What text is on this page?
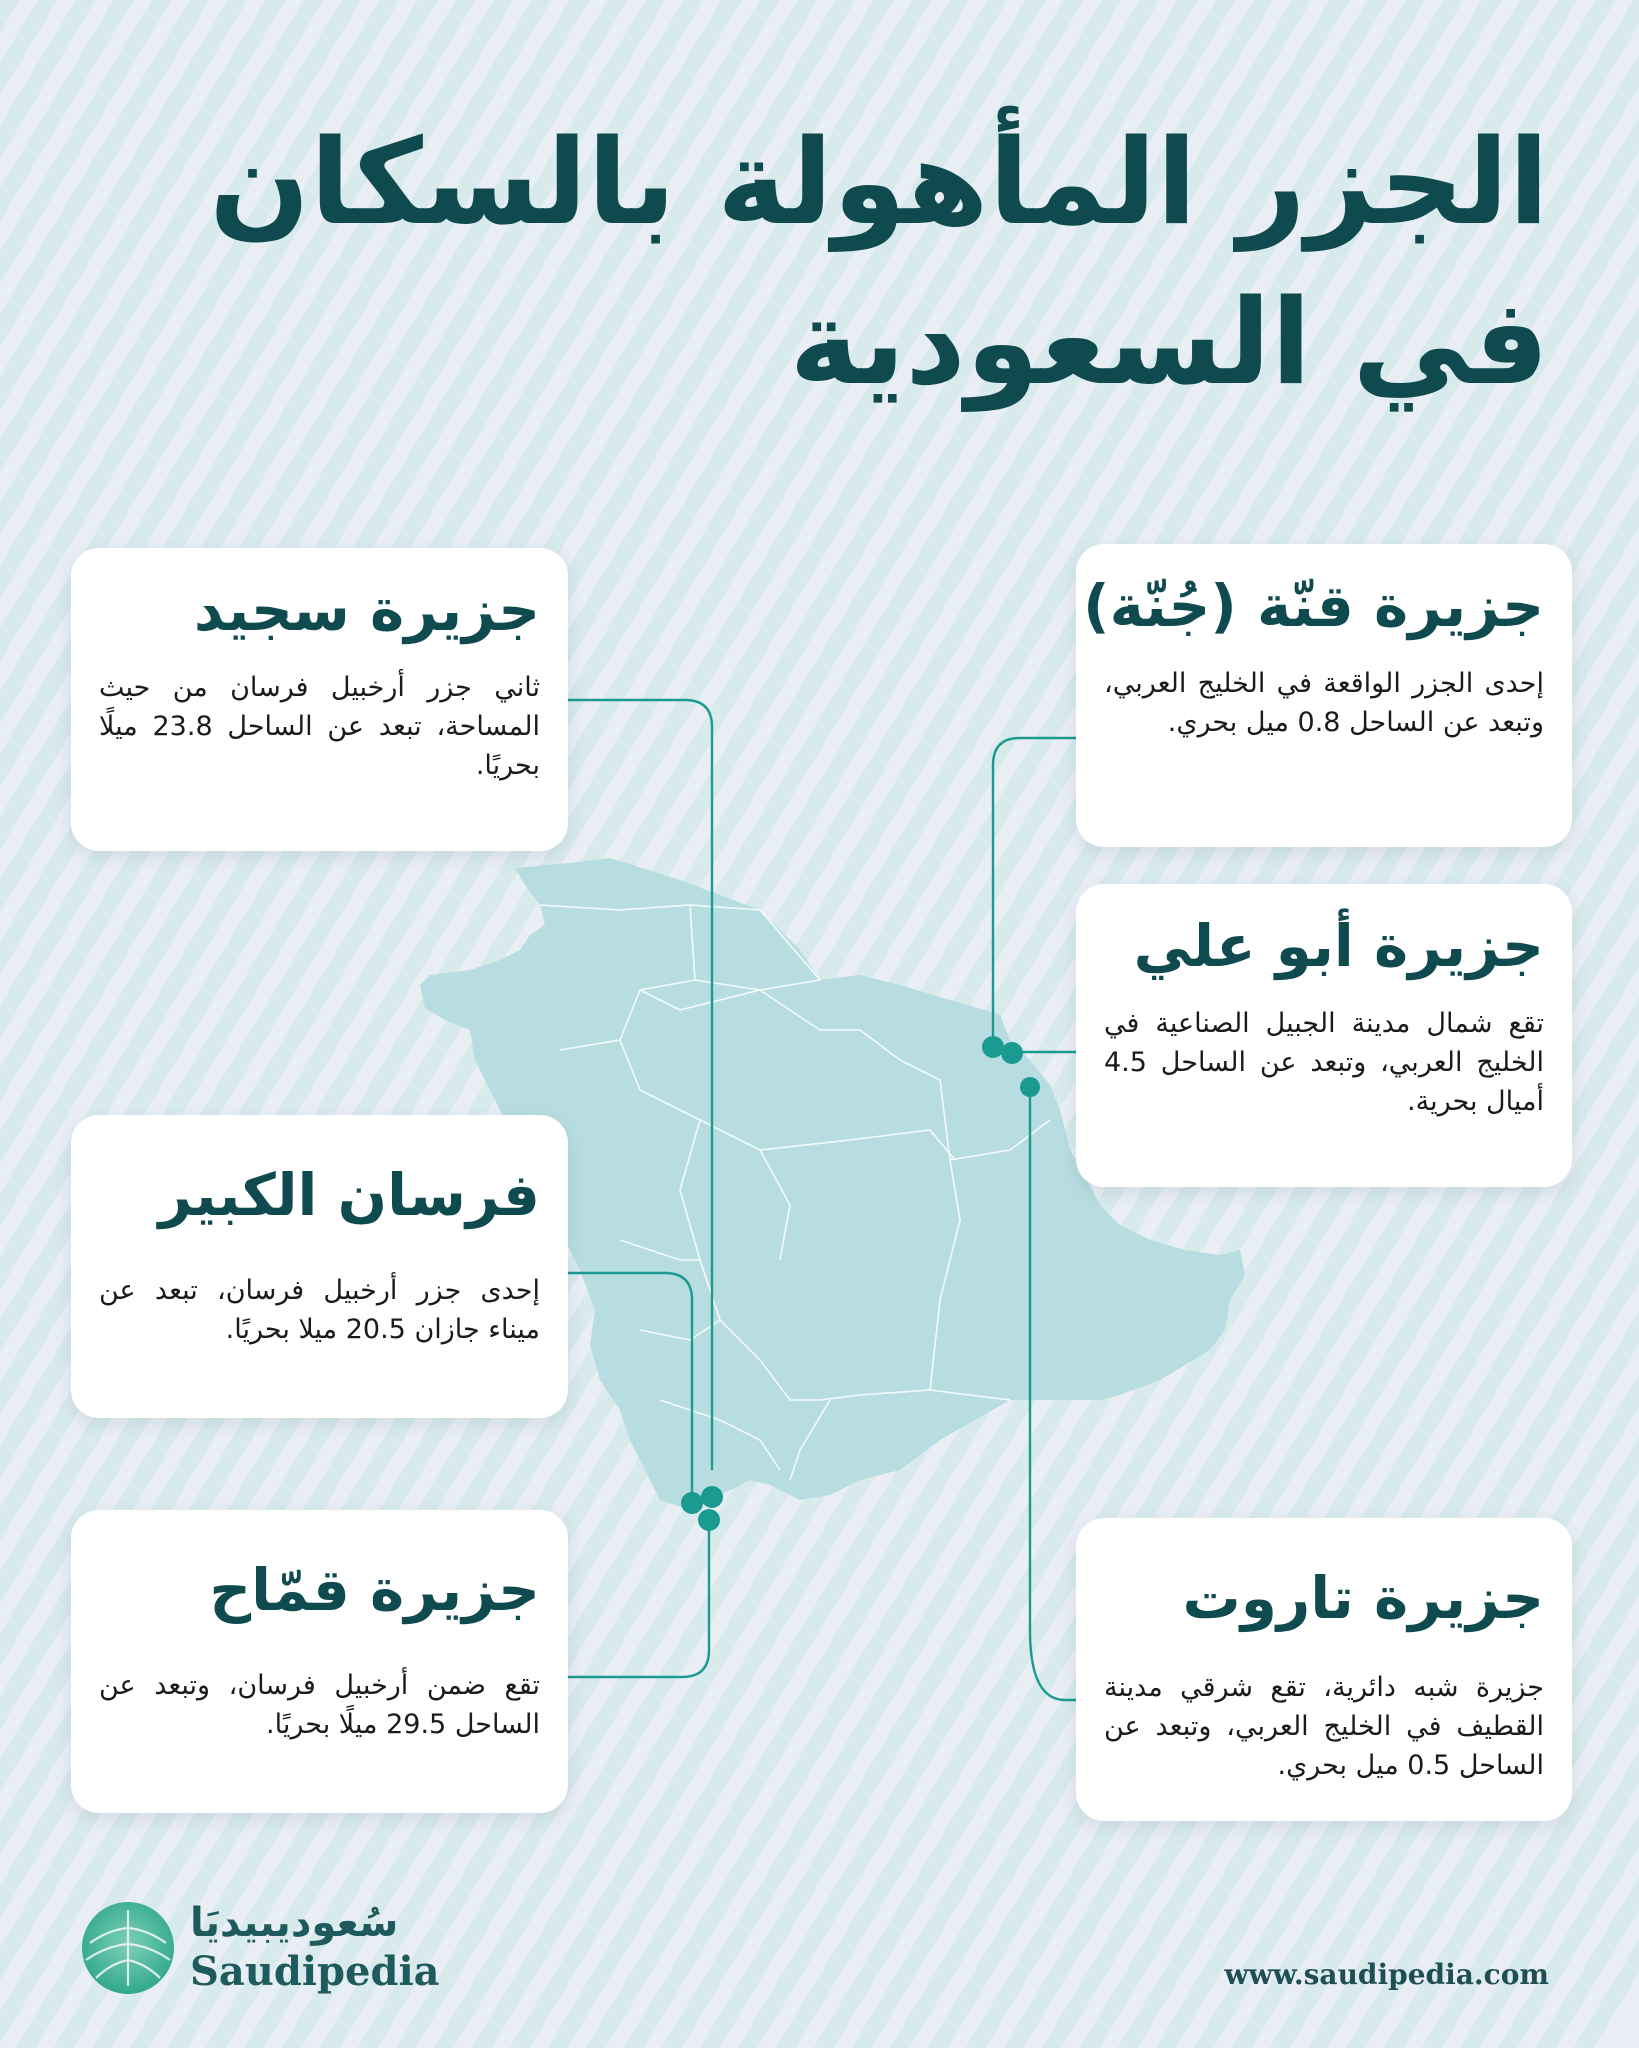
الجزر المأهولة بالسكان
في السعودية
جزيرة سجيد
ثاني جزر أرخبيل فرسان من حيث المساحة، تبعد عن الساحل 23.8 ميلًا بحريًا.
فرسان الكبير
إحدى جزر أرخبيل فرسان، تبعد عن ميناء جازان 20.5 ميلا بحريًا.
جزيرة قمّاح
تقع ضمن أرخبيل فرسان، وتبعد عن الساحل 29.5 ميلًا بحريًا.
جزيرة قنّة (جُنّة)
إحدى الجزر الواقعة في الخليج العربي، وتبعد عن الساحل 0.8 ميل بحري.
جزيرة أبو علي
تقع شمال مدينة الجبيل الصناعية في الخليج العربي، وتبعد عن الساحل 4.5 أميال بحرية.
جزيرة تاروت
جزيرة شبه دائرية، تقع شرقي مدينة القطيف في الخليج العربي، وتبعد عن الساحل 0.5 ميل بحري.
سُعوديبيديَا
Saudipedia	www.saudipedia.com
